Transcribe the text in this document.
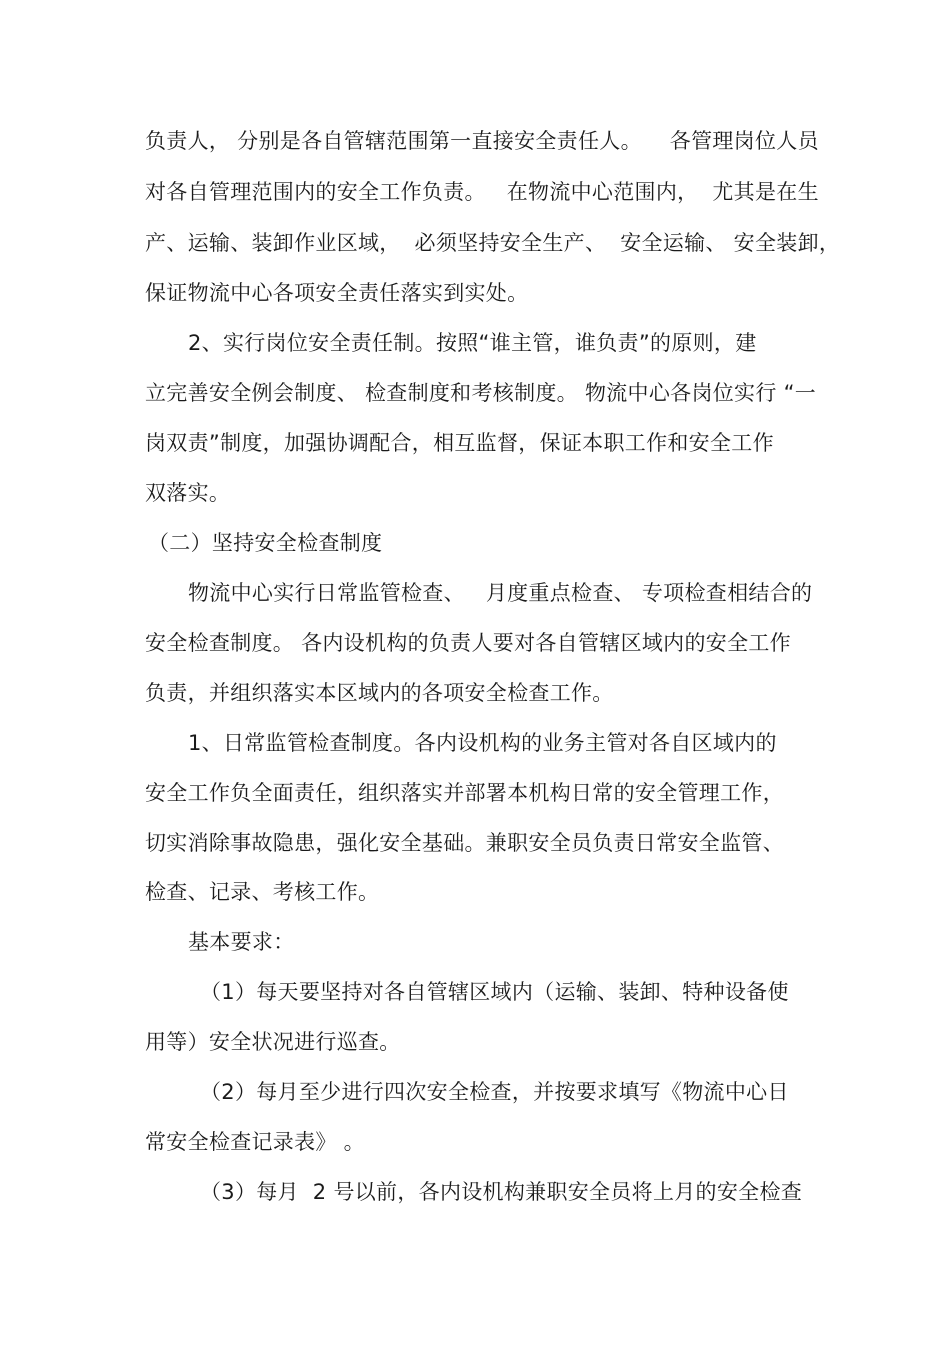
负责人， 分别是各自管辖范围第一直接安全责任人。    各管理岗位人员
对各自管理范围内的安全工作负责。   在物流中心范围内，  尤其是在生
产、运输、装卸作业区域，  必须坚持安全生产、  安全运输、 安全装卸，
保证物流中心各项安全责任落实到实处。
2、实行岗位安全责任制。按照“谁主管，谁负责”的原则，建
立完善安全例会制度、 检查制度和考核制度。 物流中心各岗位实行 “一
岗双责”制度，加强协调配合，相互监督，保证本职工作和安全工作
双落实。
（二）坚持安全检查制度
物流中心实行日常监管检查、   月度重点检查、 专项检查相结合的
安全检查制度。 各内设机构的负责人要对各自管辖区域内的安全工作
负责，并组织落实本区域内的各项安全检查工作。
1、日常监管检查制度。各内设机构的业务主管对各自区域内的
安全工作负全面责任，组织落实并部署本机构日常的安全管理工作，
切实消除事故隐患，强化安全基础。兼职安全员负责日常安全监管、
检查、记录、考核工作。
基本要求：
（1）每天要坚持对各自管辖区域内（运输、装卸、特种设备使
用等）安全状况进行巡查。
（2）每月至少进行四次安全检查，并按要求填写《物流中心日
常安全检查记录表》 。
（3）每月  2 号以前，各内设机构兼职安全员将上月的安全检查
